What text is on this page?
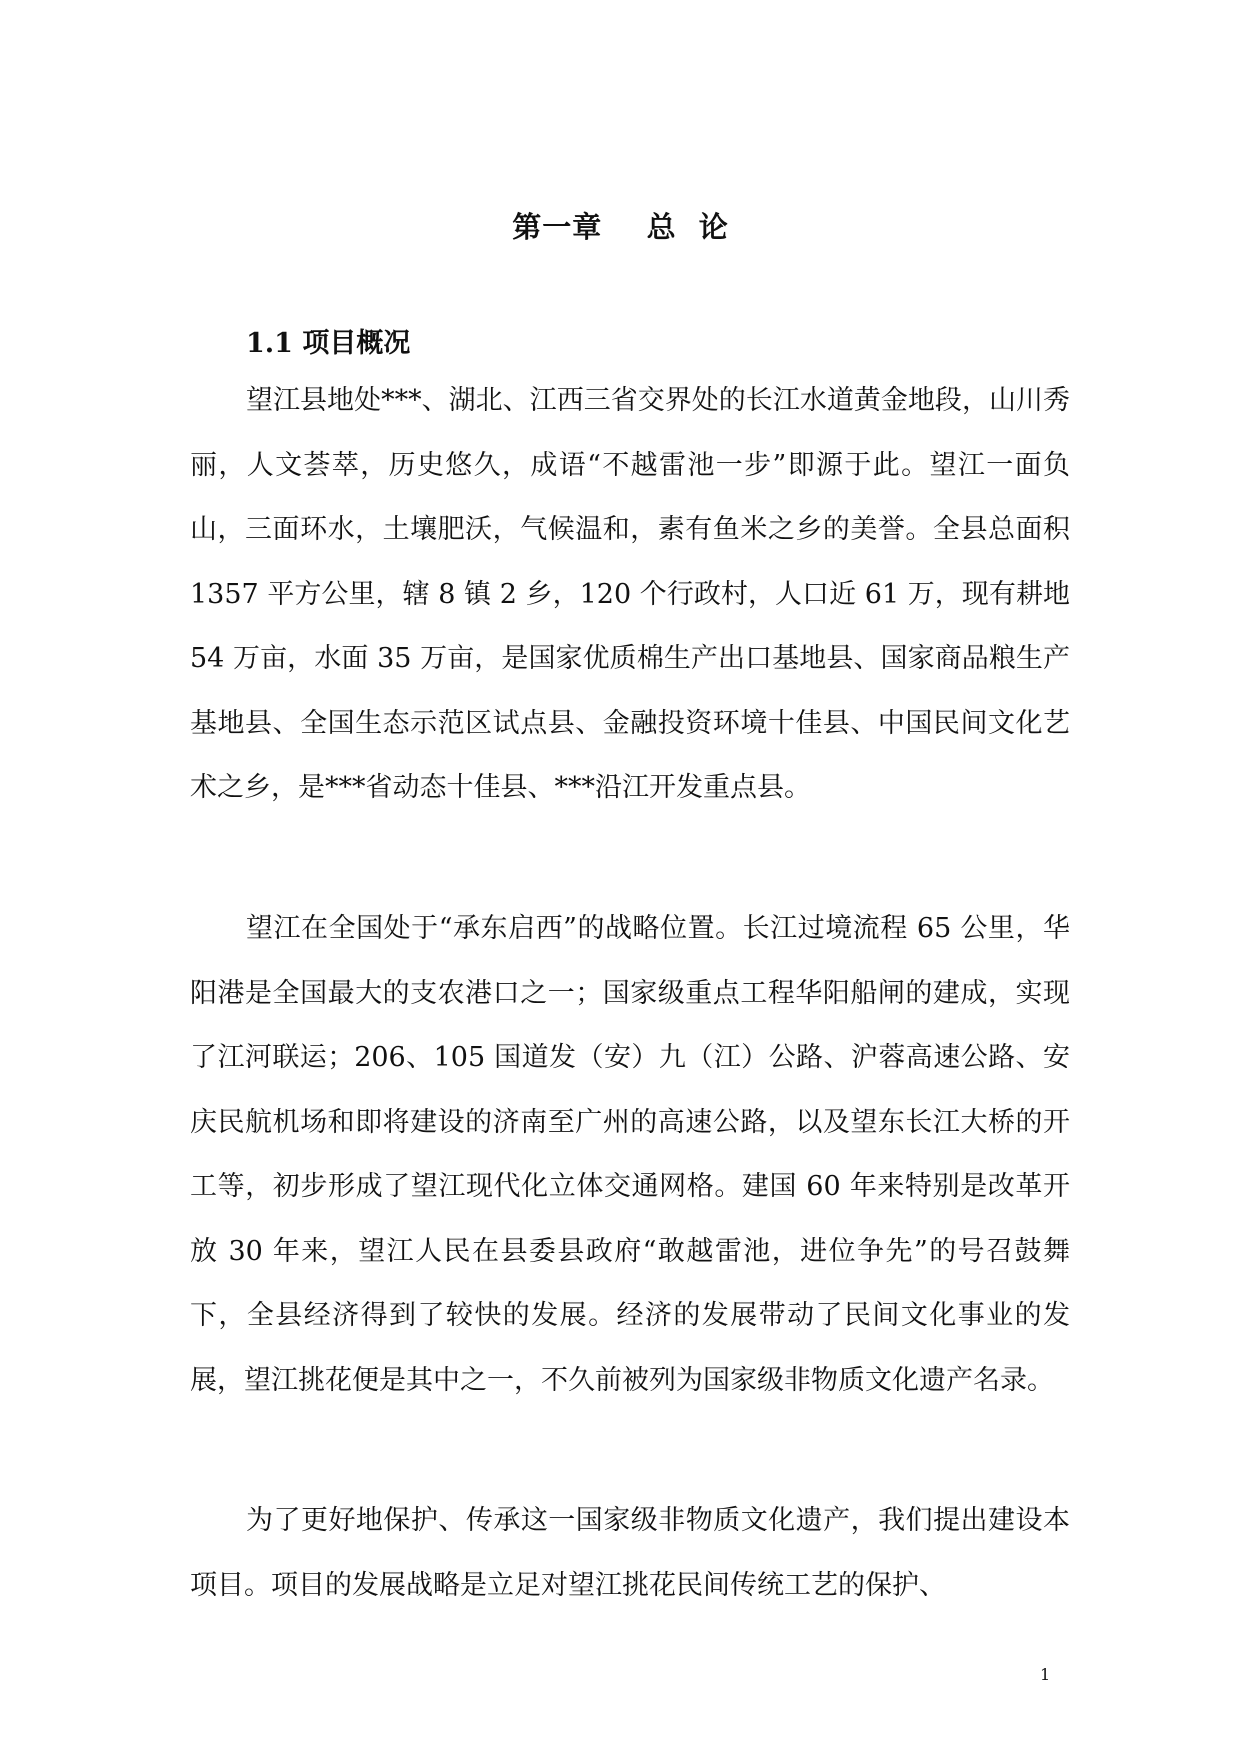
第一章    总  论
1.1 项目概况

望江县地处***、湖北、江西三省交界处的长江水道黄金地段，山川秀丽，人文荟萃，历史悠久，成语“不越雷池一步”即源于此。望江一面负山，三面环水，土壤肥沃，气候温和，素有鱼米之乡的美誉。全县总面积 1357 平方公里，辖 8 镇 2 乡，120 个行政村，人口近 61 万，现有耕地 54 万亩，水面 35 万亩，是国家优质棉生产出口基地县、国家商品粮生产基地县、全国生态示范区试点县、金融投资环境十佳县、中国民间文化艺术之乡，是***省动态十佳县、***沿江开发重点县。

望江在全国处于“承东启西”的战略位置。长江过境流程 65 公里，华阳港是全国最大的支农港口之一；国家级重点工程华阳船闸的建成，实现了江河联运；206、105 国道发（安）九（江）公路、沪蓉高速公路、安庆民航机场和即将建设的济南至广州的高速公路，以及望东长江大桥的开工等，初步形成了望江现代化立体交通网格。建国 60 年来特别是改革开放 30 年来，望江人民在县委县政府“敢越雷池，进位争先”的号召鼓舞下，全县经济得到了较快的发展。经济的发展带动了民间文化事业的发展，望江挑花便是其中之一，不久前被列为国家级非物质文化遗产名录。

为了更好地保护、传承这一国家级非物质文化遗产，我们提出建设本项目。项目的发展战略是立足对望江挑花民间传统工艺的保护、

1
